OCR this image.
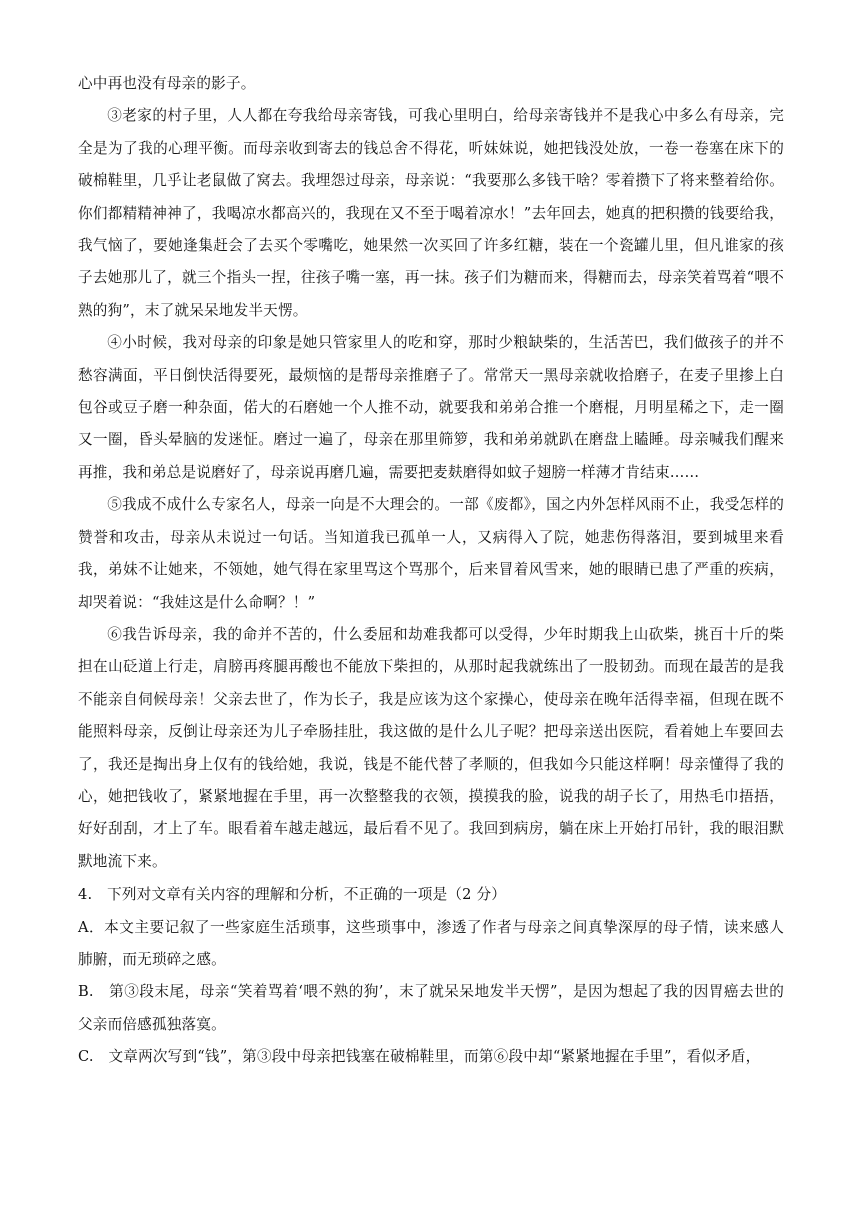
心中再也没有母亲的影子。

③老家的村子里，人人都在夸我给母亲寄钱，可我心里明白，给母亲寄钱并不是我心中多么有母亲，完全是为了我的心理平衡。而母亲收到寄去的钱总舍不得花，听妹妹说，她把钱没处放，一卷一卷塞在床下的破棉鞋里，几乎让老鼠做了窝去。我埋怨过母亲，母亲说：“我要那么多钱干啥？零着攒下了将来整着给你。你们都精精神神了，我喝凉水都高兴的，我现在又不至于喝着凉水！”去年回去，她真的把积攒的钱要给我，我气恼了，要她逢集赶会了去买个零嘴吃，她果然一次买回了许多红糖，装在一个瓷罐儿里，但凡谁家的孩子去她那儿了，就三个指头一捏，往孩子嘴一塞，再一抹。孩子们为糖而来，得糖而去，母亲笑着骂着“喂不熟的狗”，末了就呆呆地发半天愣。

④小时候，我对母亲的印象是她只管家里人的吃和穿，那时少粮缺柴的，生活苦巴，我们做孩子的并不愁容满面，平日倒快活得要死，最烦恼的是帮母亲推磨子了。常常天一黑母亲就收拾磨子，在麦子里掺上白包谷或豆子磨一种杂面，偌大的石磨她一个人推不动，就要我和弟弟合推一个磨棍，月明星稀之下，走一圈又一圈，昏头晕脑的发迷怔。磨过一遍了，母亲在那里筛箩，我和弟弟就趴在磨盘上瞌睡。母亲喊我们醒来再推，我和弟总是说磨好了，母亲说再磨几遍，需要把麦麸磨得如蚊子翅膀一样薄才肯结束……

⑤我成不成什么专家名人，母亲一向是不大理会的。一部《废都》，国之内外怎样风雨不止，我受怎样的赞誉和攻击，母亲从未说过一句话。当知道我已孤单一人，又病得入了院，她悲伤得落泪，要到城里来看我，弟妹不让她来，不领她，她气得在家里骂这个骂那个，后来冒着风雪来，她的眼睛已患了严重的疾病，却哭着说：“我娃这是什么命啊？！”

⑥我告诉母亲，我的命并不苦的，什么委屈和劫难我都可以受得，少年时期我上山砍柴，挑百十斤的柴担在山砭道上行走，肩膀再疼腿再酸也不能放下柴担的，从那时起我就练出了一股韧劲。而现在最苦的是我不能亲自伺候母亲！父亲去世了，作为长子，我是应该为这个家操心，使母亲在晚年活得幸福，但现在既不能照料母亲，反倒让母亲还为儿子牵肠挂肚，我这做的是什么儿子呢？把母亲送出医院，看着她上车要回去了，我还是掏出身上仅有的钱给她，我说，钱是不能代替了孝顺的，但我如今只能这样啊！母亲懂得了我的心，她把钱收了，紧紧地握在手里，再一次整整我的衣领，摸摸我的脸，说我的胡子长了，用热毛巾捂捂，好好刮刮，才上了车。眼看着车越走越远，最后看不见了。我回到病房，躺在床上开始打吊针，我的眼泪默默地流下来。

4.　下列对文章有关内容的理解和分析，不正确的一项是（2 分）

A．本文主要记叙了一些家庭生活琐事，这些琐事中，渗透了作者与母亲之间真挚深厚的母子情，读来感人肺腑，而无琐碎之感。

B.　第③段末尾，母亲“笑着骂着‘喂不熟的狗’，末了就呆呆地发半天愣”，是因为想起了我的因胃癌去世的父亲而倍感孤独落寞。

C.　文章两次写到“钱”，第③段中母亲把钱塞在破棉鞋里，而第⑥段中却“紧紧地握在手里”，看似矛盾，
